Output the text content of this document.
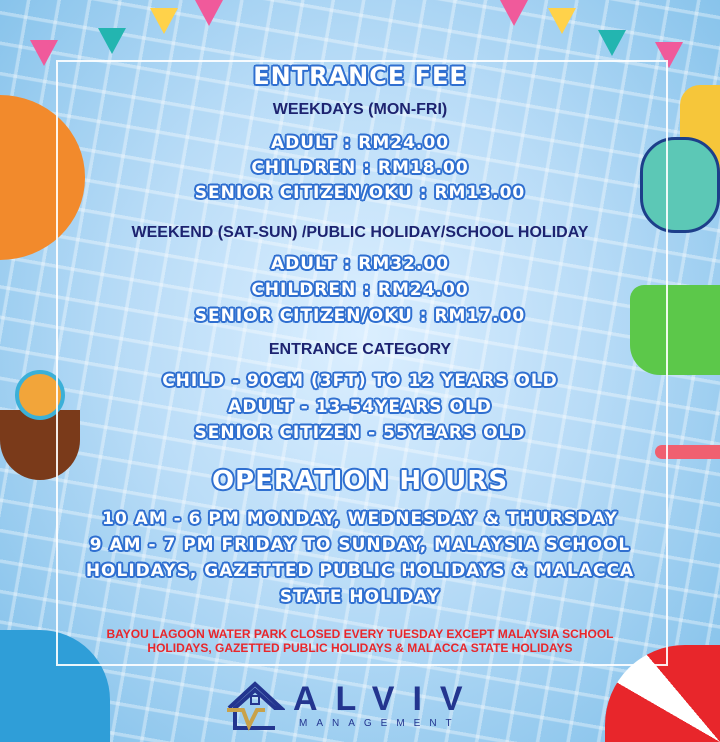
ENTRANCE FEE
WEEKDAYS (MON-FRI)
ADULT : RM24.00
CHILDREN : RM18.00
SENIOR CITIZEN/OKU : RM13.00
WEEKEND (SAT-SUN) /PUBLIC HOLIDAY/SCHOOL HOLIDAY
ADULT : RM32.00
CHILDREN : RM24.00
SENIOR CITIZEN/OKU : RM17.00
ENTRANCE CATEGORY
CHILD - 90CM (3FT) TO 12 YEARS OLD
ADULT - 13-54YEARS OLD
SENIOR CITIZEN - 55YEARS OLD
OPERATION HOURS
10 AM - 6 PM MONDAY, WEDNESDAY & THURSDAY
9 AM - 7 PM FRIDAY TO SUNDAY, MALAYSIA SCHOOL
HOLIDAYS, GAZETTED PUBLIC HOLIDAYS & MALACCA
STATE HOLIDAY
BAYOU LAGOON WATER PARK CLOSED EVERY TUESDAY EXCEPT MALAYSIA SCHOOL
HOLIDAYS, GAZETTED PUBLIC HOLIDAYS & MALACCA STATE HOLIDAYS
ALVIV
MANAGEMENT
